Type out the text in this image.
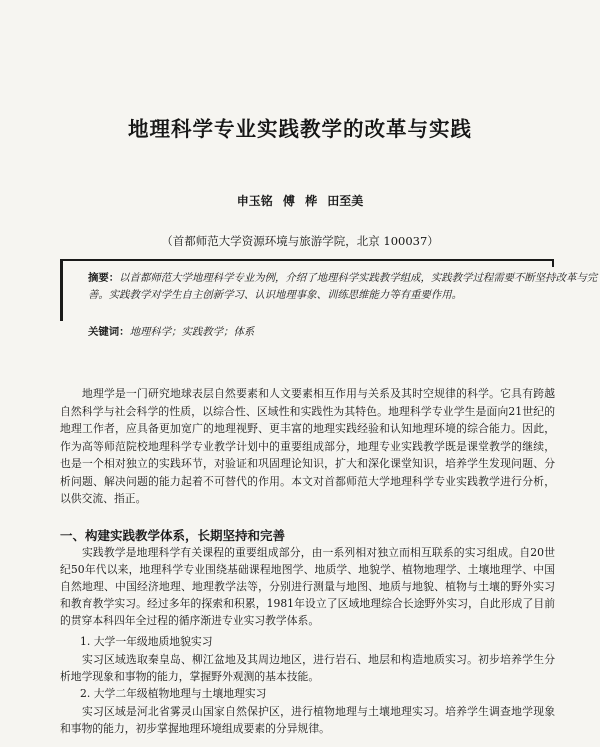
地理科学专业实践教学的改革与实践
申玉铭 傅 桦 田至美
（首都师范大学资源环境与旅游学院，北京 100037）
摘要：以首都师范大学地理科学专业为例，介绍了地理科学实践教学组成，实践教学过程需要不断坚持改革与完善。实践教学对学生自主创新学习、认识地理事象、训练思维能力等有重要作用。
关键词：地理科学；实践教学；体系
地理学是一门研究地球表层自然要素和人文要素相互作用与关系及其时空规律的科学。它具有跨越自然科学与社会科学的性质，以综合性、区域性和实践性为其特色。地理科学专业学生是面向21世纪的地理工作者，应具备更加宽广的地理视野、更丰富的地理实践经验和认知地理环境的综合能力。因此，作为高等师范院校地理科学专业教学计划中的重要组成部分，地理专业实践教学既是课堂教学的继续，也是一个相对独立的实践环节，对验证和巩固理论知识，扩大和深化课堂知识，培养学生发现问题、分析问题、解决问题的能力起着不可替代的作用。本文对首都师范大学地理科学专业实践教学进行分析，以供交流、指正。
一、构建实践教学体系，长期坚持和完善
实践教学是地理科学有关课程的重要组成部分，由一系列相对独立而相互联系的实习组成。自20世纪50年代以来，地理科学专业围绕基础课程地图学、地质学、地貌学、植物地理学、土壤地理学、中国自然地理、中国经济地理、地理教学法等，分别进行测量与地图、地质与地貌、植物与土壤的野外实习和教育教学实习。经过多年的探索和积累，1981年设立了区域地理综合长途野外实习，自此形成了目前的贯穿本科四年全过程的循序渐进专业实习教学体系。
1. 大学一年级地质地貌实习
实习区域选取秦皇岛、柳江盆地及其周边地区，进行岩石、地层和构造地质实习。初步培养学生分析地学现象和事物的能力，掌握野外观测的基本技能。
2. 大学二年级植物地理与土壤地理实习
实习区域是河北省雾灵山国家自然保护区，进行植物地理与土壤地理实习。培养学生调查地学现象和事物的能力，初步掌握地理环境组成要素的分异规律。
